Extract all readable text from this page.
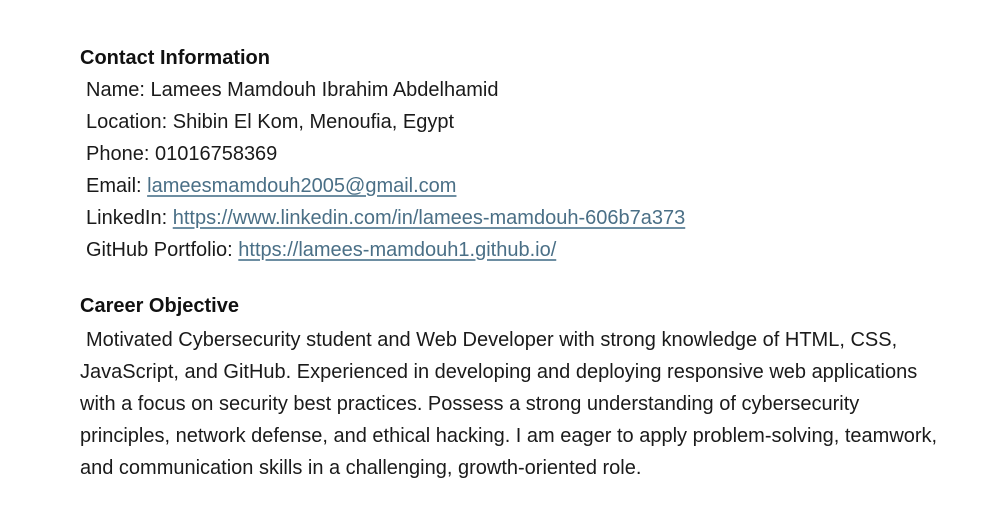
Contact Information
Name: Lamees Mamdouh Ibrahim Abdelhamid
Location: Shibin El Kom, Menoufia, Egypt
Phone: 01016758369
Email: lameesmamdouh2005@gmail.com
LinkedIn: https://www.linkedin.com/in/lamees-mamdouh-606b7a373
GitHub Portfolio: https://lamees-mamdouh1.github.io/
Career Objective

Motivated Cybersecurity student and Web Developer with strong knowledge of HTML, CSS, JavaScript, and GitHub. Experienced in developing and deploying responsive web applications with a focus on security best practices. Possess a strong understanding of cybersecurity principles, network defense, and ethical hacking. I am eager to apply problem-solving, teamwork, and communication skills in a challenging, growth-oriented role.
